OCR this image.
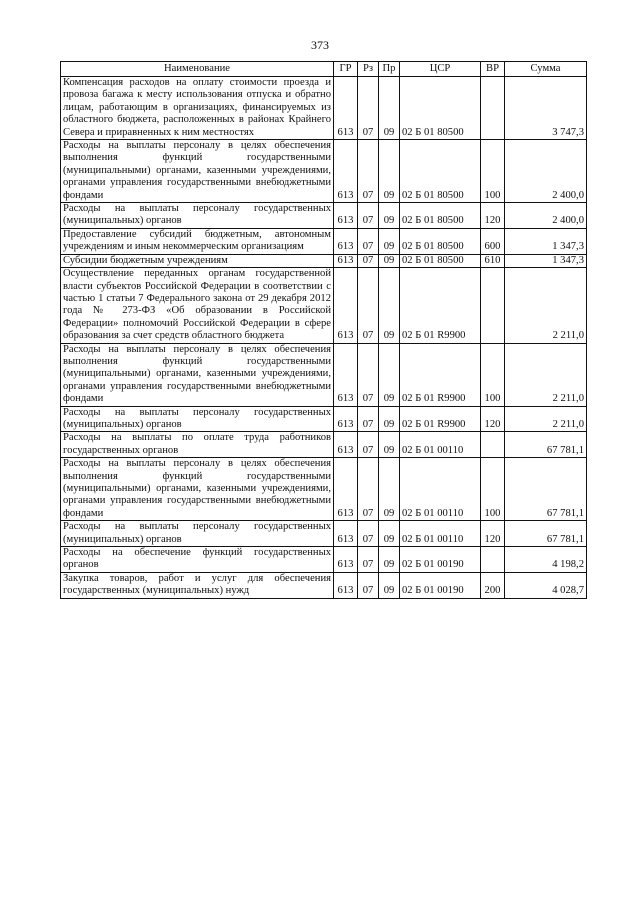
373
Наименование	ГР	Рз	Пр	ЦСР	ВР	Сумма
Компенсация расходов на оплату стоимости проезда и провоза багажа к месту использования отпуска и обратно лицам, работающим в организациях, финансируемых из областного бюджета, расположенных в районах Крайнего Севера и приравненных к ним местностях	613	07	09	02 Б 01 80500		3 747,3
Расходы на выплаты персоналу в целях обеспечения выполнения функций государственными (муниципальными) органами, казенными учреждениями, органами управления государственными внебюджетными фондами	613	07	09	02 Б 01 80500	100	2 400,0
Расходы на выплаты персоналу государственных (муниципальных) органов	613	07	09	02 Б 01 80500	120	2 400,0
Предоставление субсидий бюджетным, автономным учреждениям и иным некоммерческим организациям	613	07	09	02 Б 01 80500	600	1 347,3
Субсидии бюджетным учреждениям	613	07	09	02 Б 01 80500	610	1 347,3
Осуществление переданных органам государственной власти субъектов Российской Федерации в соответствии с частью 1 статьи 7 Федерального закона от 29 декабря 2012 года № 273-ФЗ «Об образовании в Российской Федерации» полномочий Российской Федерации в сфере образования за счет средств областного бюджета	613	07	09	02 Б 01 R9900		2 211,0
Расходы на выплаты персоналу в целях обеспечения выполнения функций государственными (муниципальными) органами, казенными учреждениями, органами управления государственными внебюджетными фондами	613	07	09	02 Б 01 R9900	100	2 211,0
Расходы на выплаты персоналу государственных (муниципальных) органов	613	07	09	02 Б 01 R9900	120	2 211,0
Расходы на выплаты по оплате труда работников государственных органов	613	07	09	02 Б 01 00110		67 781,1
Расходы на выплаты персоналу в целях обеспечения выполнения функций государственными (муниципальными) органами, казенными учреждениями, органами управления государственными внебюджетными фондами	613	07	09	02 Б 01 00110	100	67 781,1
Расходы на выплаты персоналу государственных (муниципальных) органов	613	07	09	02 Б 01 00110	120	67 781,1
Расходы на обеспечение функций государственных органов	613	07	09	02 Б 01 00190		4 198,2
Закупка товаров, работ и услуг для обеспечения государственных (муниципальных) нужд	613	07	09	02 Б 01 00190	200	4 028,7
